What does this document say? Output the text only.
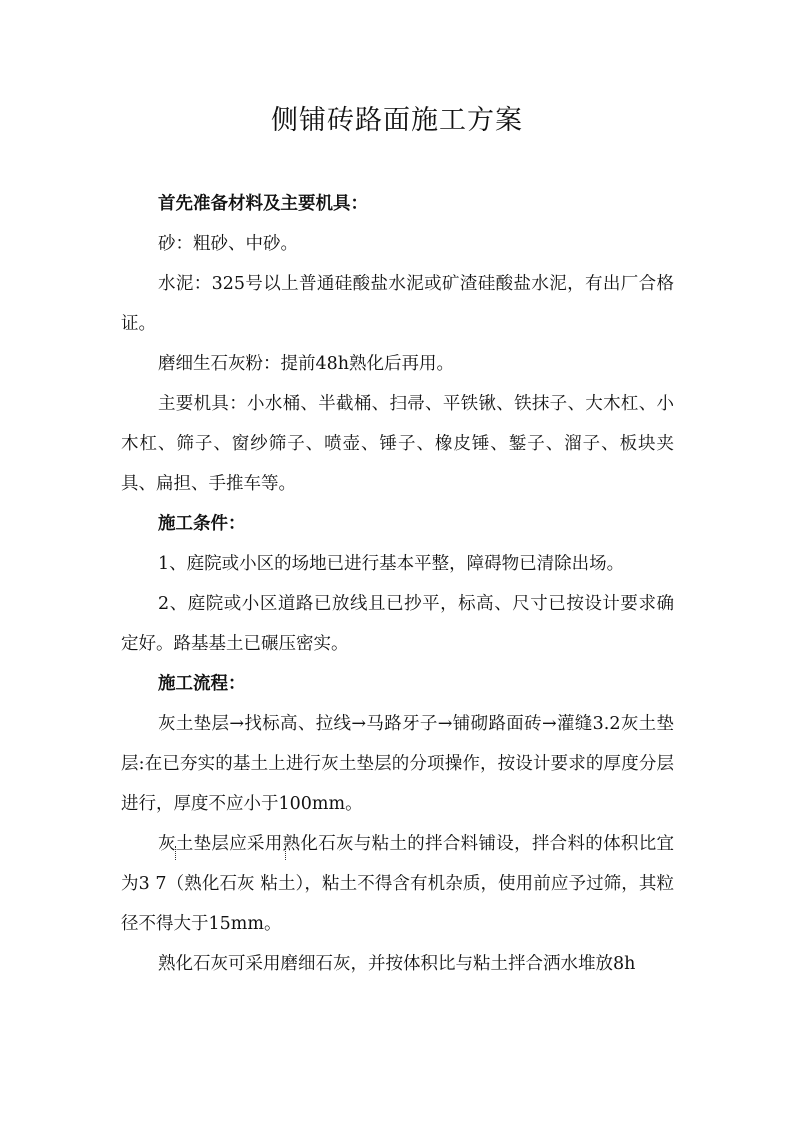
侧铺砖路面施工方案

首先准备材料及主要机具：

砂：粗砂、中砂。

水泥：325号以上普通硅酸盐水泥或矿渣硅酸盐水泥，有出厂合格证。

磨细生石灰粉：提前48h熟化后再用。

主要机具：小水桶、半截桶、扫帚、平铁锹、铁抹子、大木杠、小木杠、筛子、窗纱筛子、喷壶、锤子、橡皮锤、錾子、溜子、板块夹具、扁担、手推车等。

施工条件：

1、庭院或小区的场地已进行基本平整，障碍物已清除出场。

2、庭院或小区道路已放线且已抄平，标高、尺寸已按设计要求确定好。路基基土已碾压密实。

施工流程：

灰土垫层→找标高、拉线→马路牙子→铺砌路面砖→灌缝3.2灰土垫层:在已夯实的基土上进行灰土垫层的分项操作，按设计要求的厚度分层进行，厚度不应小于100mm。

灰土垫层应采用熟化石灰与粘土的拌合料铺设，拌合料的体积比宜为3 7（熟化石灰 粘土），粘土不得含有机杂质，使用前应予过筛，其粒径不得大于15mm。

熟化石灰可采用磨细石灰，并按体积比与粘土拌合洒水堆放8h
